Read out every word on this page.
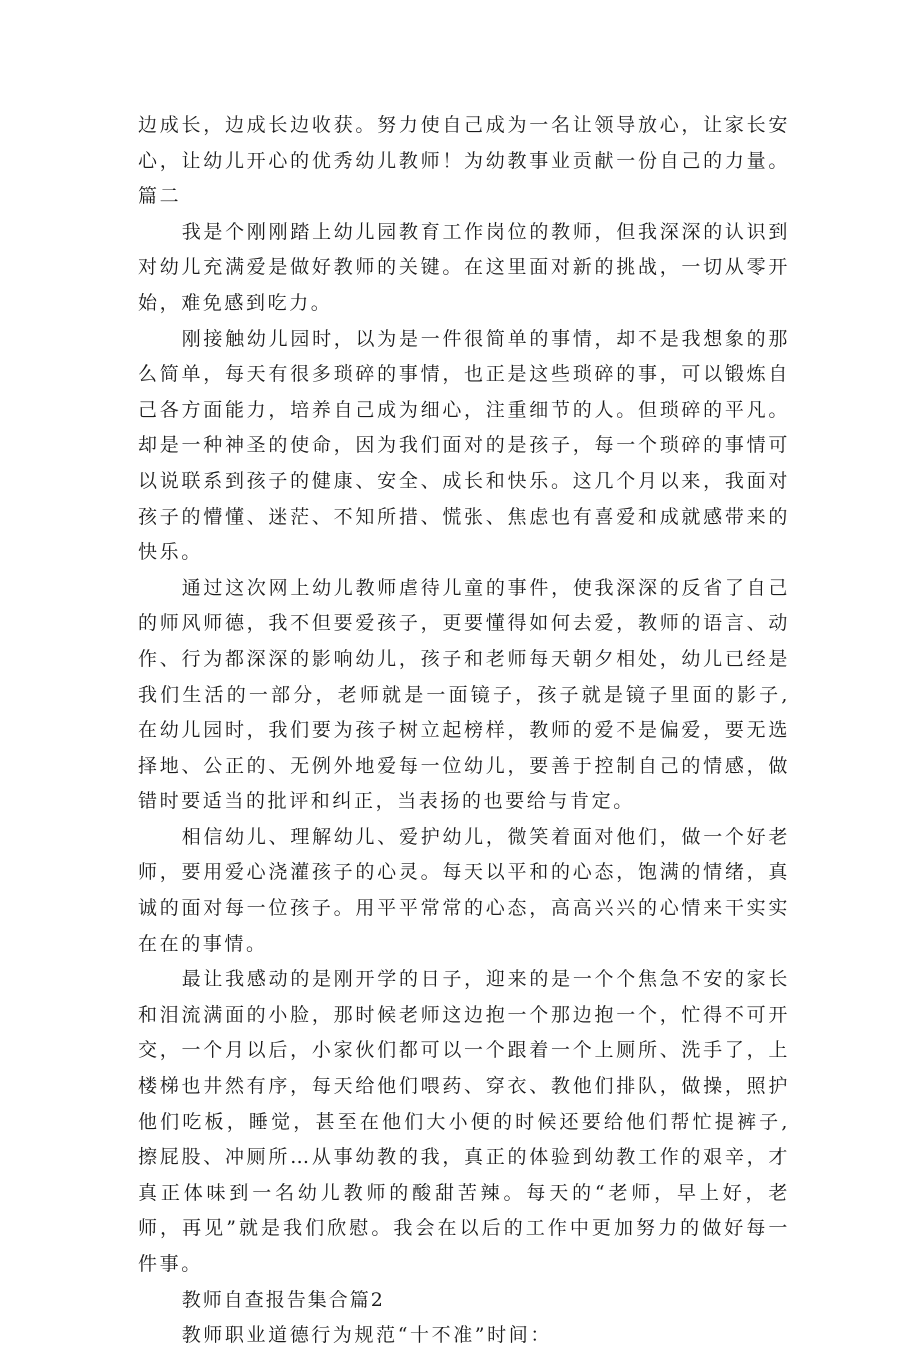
边成长，边成长边收获。努力使自己成为一名让领导放心，让家长安心，让幼儿开心的优秀幼儿教师！为幼教事业贡献一份自己的力量。篇二

我是个刚刚踏上幼儿园教育工作岗位的教师，但我深深的认识到对幼儿充满爱是做好教师的关键。在这里面对新的挑战，一切从零开始，难免感到吃力。

刚接触幼儿园时，以为是一件很简单的事情，却不是我想象的那么简单，每天有很多琐碎的事情，也正是这些琐碎的事，可以锻炼自己各方面能力，培养自己成为细心，注重细节的人。但琐碎的平凡。却是一种神圣的使命，因为我们面对的是孩子，每一个琐碎的事情可以说联系到孩子的健康、安全、成长和快乐。这几个月以来，我面对孩子的懵懂、迷茫、不知所措、慌张、焦虑也有喜爱和成就感带来的快乐。

通过这次网上幼儿教师虐待儿童的事件，使我深深的反省了自己的师风师德，我不但要爱孩子，更要懂得如何去爱，教师的语言、动作、行为都深深的影响幼儿，孩子和老师每天朝夕相处，幼儿已经是我们生活的一部分，老师就是一面镜子，孩子就是镜子里面的影子,在幼儿园时，我们要为孩子树立起榜样，教师的爱不是偏爱，要无选择地、公正的、无例外地爱每一位幼儿，要善于控制自己的情感，做错时要适当的批评和纠正，当表扬的也要给与肯定。

相信幼儿、理解幼儿、爱护幼儿，微笑着面对他们，做一个好老师，要用爱心浇灌孩子的心灵。每天以平和的心态，饱满的情绪，真诚的面对每一位孩子。用平平常常的心态，高高兴兴的心情来干实实在在的事情。

最让我感动的是刚开学的日子，迎来的是一个个焦急不安的家长和泪流满面的小脸，那时候老师这边抱一个那边抱一个，忙得不可开交，一个月以后，小家伙们都可以一个跟着一个上厕所、洗手了，上楼梯也井然有序，每天给他们喂药、穿衣、教他们排队，做操，照护他们吃板，睡觉，甚至在他们大小便的时候还要给他们帮忙提裤子,擦屁股、冲厕所…从事幼教的我，真正的体验到幼教工作的艰辛，才真正体味到一名幼儿教师的酸甜苦辣。每天的“老师，早上好，老师，再见”就是我们欣慰。我会在以后的工作中更加努力的做好每一件事。

教师自查报告集合篇2

教师职业道德行为规范“十不准”时间：
